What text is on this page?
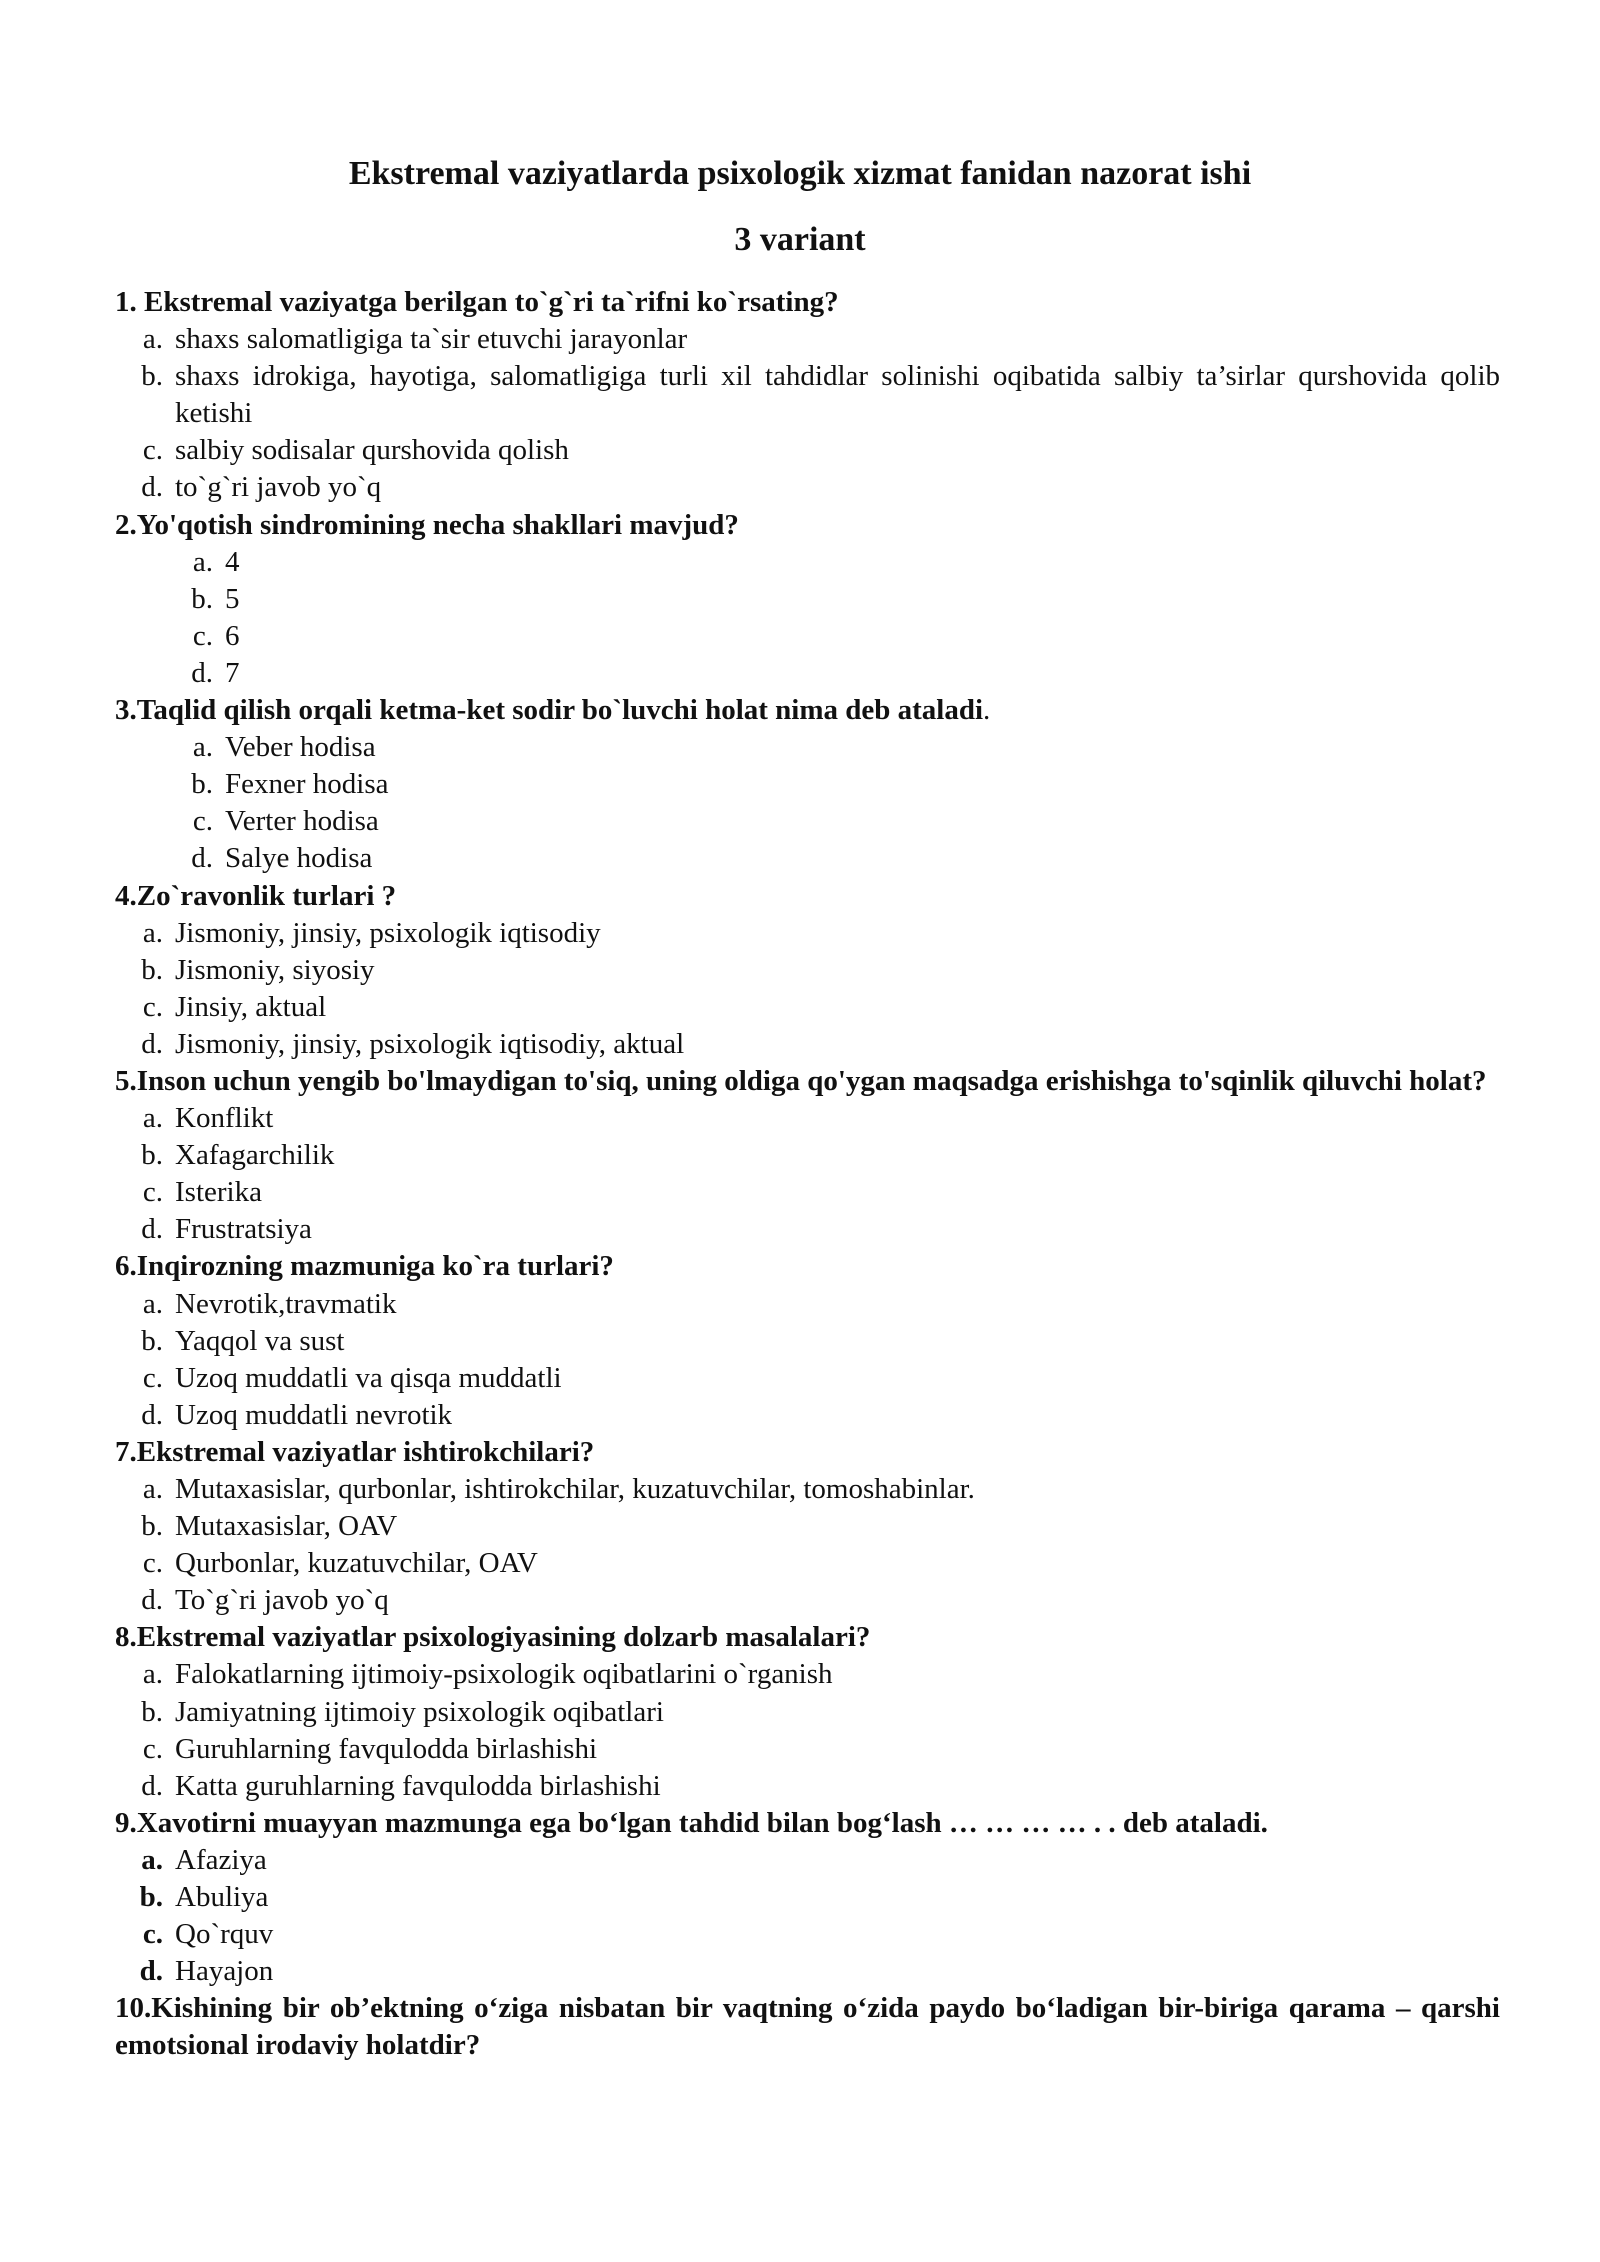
Ekstremal vaziyatlarda psixologik xizmat fanidan nazorat ishi
3 variant
1. Ekstremal vaziyatga berilgan to`g`ri ta`rifni ko`rsating?
a. shaxs salomatligiga ta`sir etuvchi jarayonlar
b. shaxs idrokiga, hayotiga, salomatligiga turli xil tahdidlar solinishi oqibatida salbiy ta’sirlar qurshovida qolib ketishi
c. salbiy sodisalar qurshovida qolish
d. to`g`ri javob yo`q
2.Yo'qotish sindromining necha shakllari mavjud?
a. 4
b. 5
c. 6
d. 7
3.Taqlid qilish orqali ketma-ket sodir bo`luvchi holat nima deb ataladi.
a. Veber hodisa
b. Fexner hodisa
c. Verter hodisa
d. Salye hodisa
4.Zo`ravonlik turlari ?
a. Jismoniy, jinsiy, psixologik iqtisodiy
b. Jismoniy, siyosiy
c. Jinsiy, aktual
d. Jismoniy, jinsiy, psixologik iqtisodiy, aktual
5.Inson uchun yengib bo'lmaydigan to'siq, uning oldiga qo'ygan maqsadga erishishga to'sqinlik qiluvchi holat?
a. Konflikt
b. Xafagarchilik
c. Isterika
d. Frustratsiya
6.Inqirozning mazmuniga ko`ra turlari?
a. Nevrotik,travmatik
b. Yaqqol va sust
c. Uzoq muddatli va qisqa muddatli
d. Uzoq muddatli nevrotik
7.Ekstremal vaziyatlar ishtirokchilari?
a. Mutaxasislar, qurbonlar, ishtirokchilar, kuzatuvchilar, tomoshabinlar.
b. Mutaxasislar, OAV
c. Qurbonlar, kuzatuvchilar, OAV
d. To`g`ri javob yo`q
8.Ekstremal vaziyatlar psixologiyasining dolzarb masalalari?
a. Falokatlarning ijtimoiy-psixologik oqibatlarini o`rganish
b. Jamiyatning ijtimoiy psixologik oqibatlari
c. Guruhlarning favqulodda birlashishi
d. Katta guruhlarning favqulodda birlashishi
9.Xavotirni muayyan mazmunga ega bo‘lgan tahdid bilan bog‘lash … … … … . . deb ataladi.
a. Afaziya
b. Abuliya
c. Qo`rquv
d. Hayajon
10.Kishining bir ob’ektning o‘ziga nisbatan bir vaqtning o‘zida paydo bo‘ladigan bir-biriga qarama – qarshi emotsional irodaviy holatdir?
